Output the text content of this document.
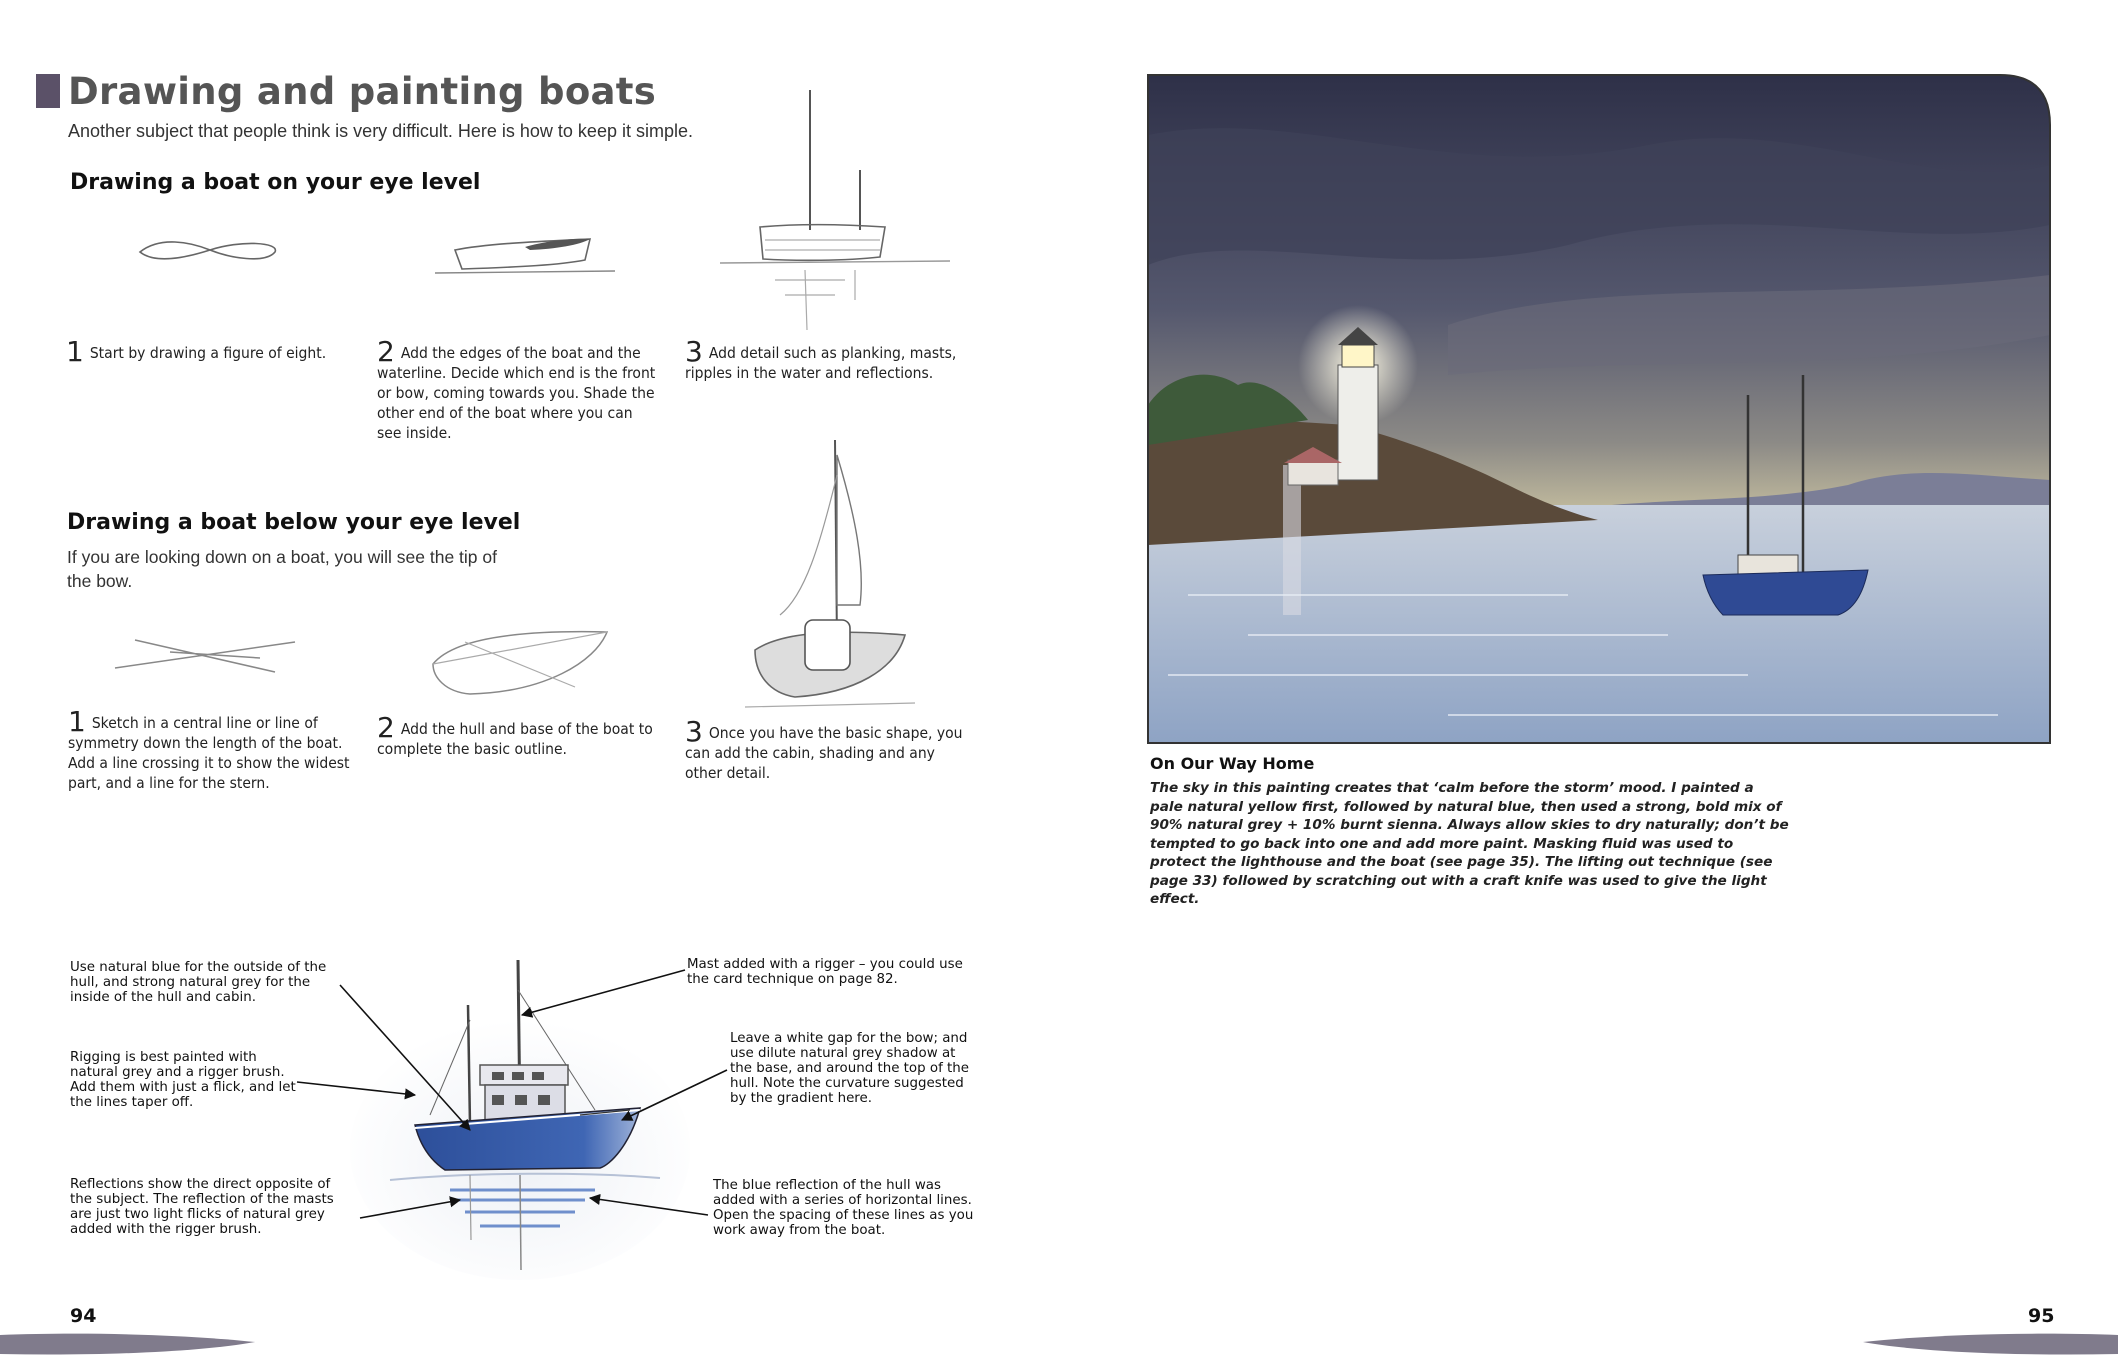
Drawing and painting boats
Another subject that people think is very difficult. Here is how to keep it simple.
Drawing a boat on your eye level
1 Start by drawing a figure of eight.	2 Add the edges of the boat and the waterline. Decide which end is the front or bow, coming towards you. Shade the other end of the boat where you can see inside.
3 Add detail such as planking, masts, ripples in the water and reflections.
Drawing a boat below your eye level
If you are looking down on a boat, you will see the tip of the bow.
1 Sketch in a central line or line of symmetry down the length of the boat. Add a line crossing it to show the widest part, and a line for the stern.
2 Add the hull and base of the boat to complete the basic outline.
3 Once you have the basic shape, you can add the cabin, shading and any other detail.
Use natural blue for the outside of the hull, and strong natural grey for the inside of the hull and cabin.
Rigging is best painted with natural grey and a rigger brush. Add them with just a flick, and let the lines taper off.
Reflections show the direct opposite of the subject. The reflection of the masts are just two light flicks of natural grey added with the rigger brush.
Mast added with a rigger – you could use the card technique on page 82.
Leave a white gap for the bow; and use dilute natural grey shadow at the base, and around the top of the hull. Note the curvature suggested by the gradient here.
The blue reflection of the hull was added with a series of horizontal lines. Open the spacing of these lines as you work away from the boat.
94
On Our Way Home
The sky in this painting creates that ‘calm before the storm’ mood. I painted a pale natural yellow first, followed by natural blue, then used a strong, bold mix of 90% natural grey + 10% burnt sienna. Always allow skies to dry naturally; don’t be tempted to go back into one and add more paint. Masking fluid was used to protect the lighthouse and the boat (see page 35). The lifting out technique (see page 33) followed by scratching out with a craft knife was used to give the light effect.
95
